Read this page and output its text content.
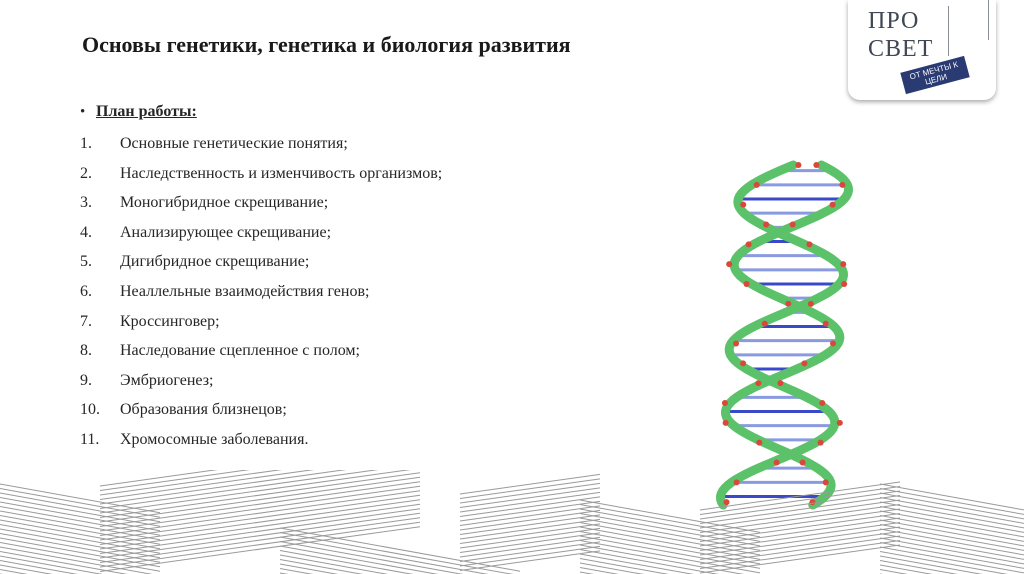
Основы генетики, генетика и биология развития
ПРО
СВЕТ
ОТ МЕЧТЫ К ЦЕЛИ
• План работы:
1.	Основные генетические понятия;
2.	Наследственность и изменчивость организмов;
3.	Моногибридное скрещивание;
4.	Анализирующее скрещивание;
5.	Дигибридное скрещивание;
6.	Неаллельные взаимодействия генов;
7.	Кроссинговер;
8.	Наследование сцепленное с полом;
9.	Эмбриогенез;
10.	Образования близнецов;
11.	Хромосомные заболевания.
